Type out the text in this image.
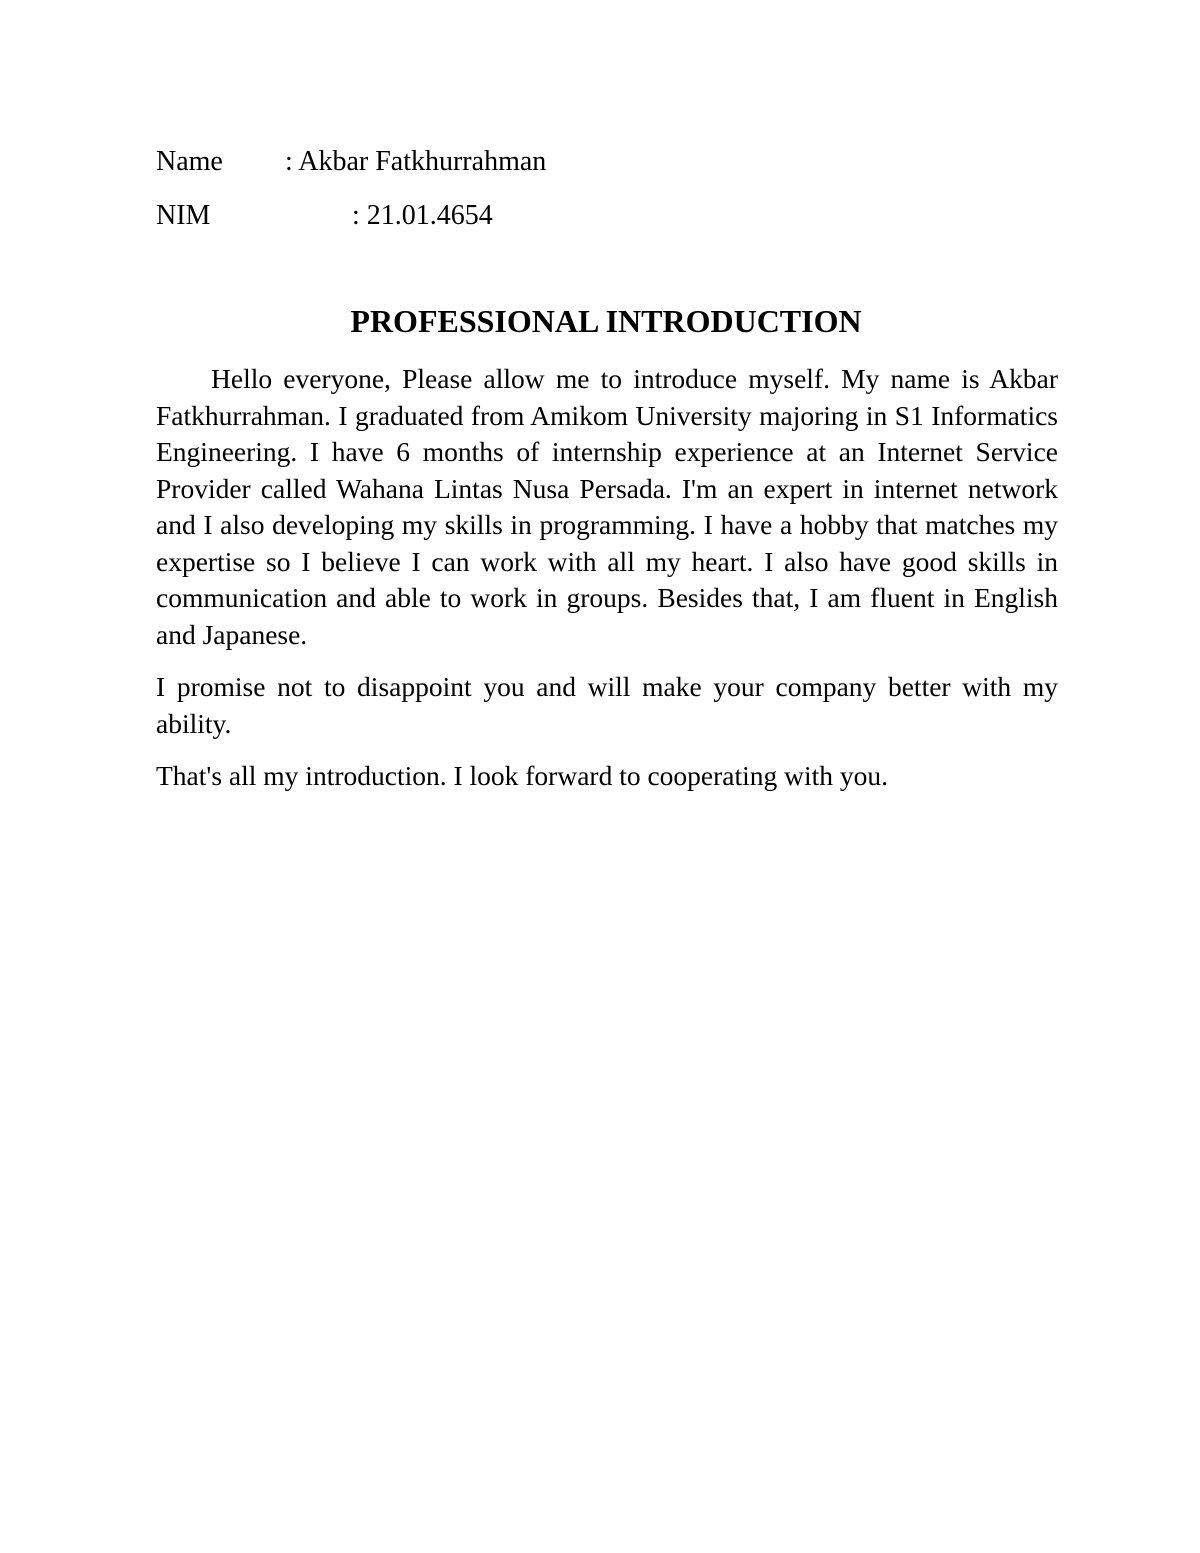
Name : Akbar Fatkhurrahman
NIM	: 21.01.4654
PROFESSIONAL INTRODUCTION

Hello everyone, Please allow me to introduce myself. My name is Akbar Fatkhurrahman. I graduated from Amikom University majoring in S1 Informatics Engineering. I have 6 months of internship experience at an Internet Service Provider called Wahana Lintas Nusa Persada. I'm an expert in internet network and I also developing my skills in programming. I have a hobby that matches my expertise so I believe I can work with all my heart. I also have good skills in communication and able to work in groups. Besides that, I am fluent in English and Japanese.

I promise not to disappoint you and will make your company better with my ability.

That's all my introduction. I look forward to cooperating with you.
